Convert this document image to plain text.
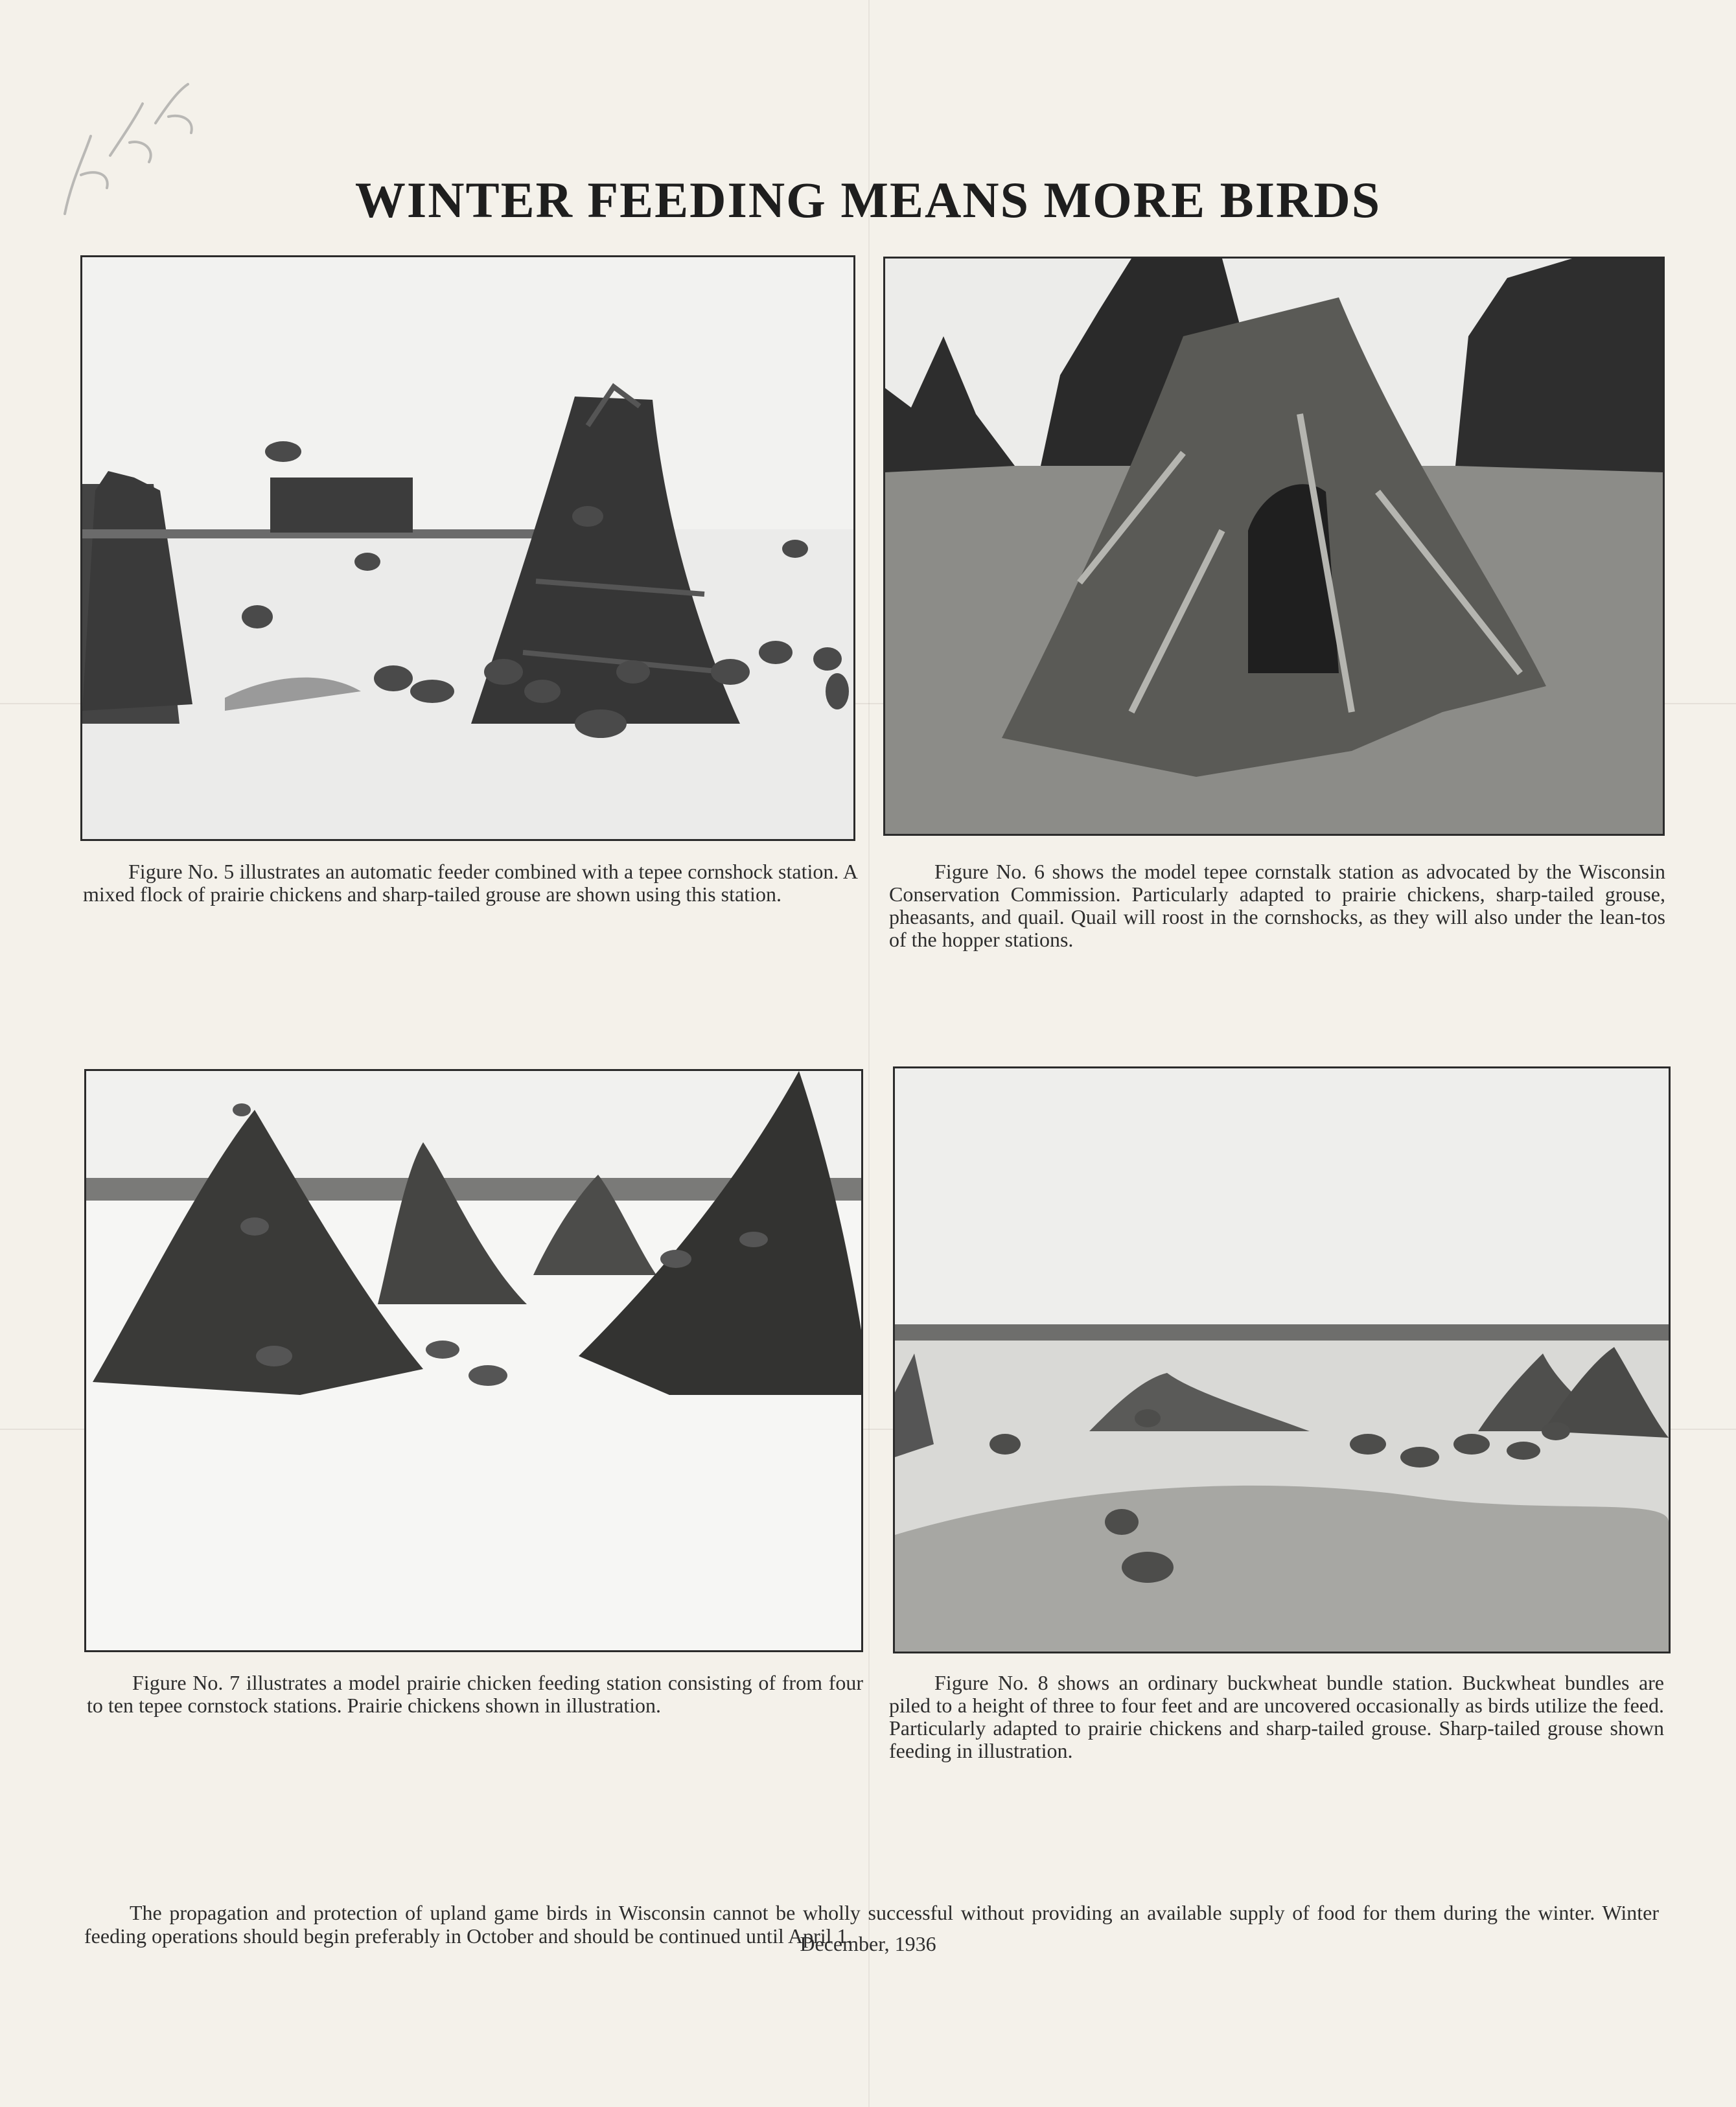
WINTER FEEDING MEANS MORE BIRDS
Figure No. 5 illustrates an automatic feeder combined with a tepee cornshock station. A mixed flock of prairie chickens and sharp-tailed grouse are shown using this station.
Figure No. 6 shows the model tepee cornstalk station as advocated by the Wisconsin Conservation Commission. Particularly adapted to prairie chickens, sharp-tailed grouse, pheasants, and quail. Quail will roost in the cornshocks, as they will also under the lean-tos of the hopper stations.
Figure No. 7 illustrates a model prairie chicken feeding station consisting of from four to ten tepee cornstock stations. Prairie chickens shown in illustration.
Figure No. 8 shows an ordinary buckwheat bundle station. Buckwheat bundles are piled to a height of three to four feet and are uncovered occasionally as birds utilize the feed. Particularly adapted to prairie chickens and sharp-tailed grouse. Sharp-tailed grouse shown feeding in illustration.

The propagation and protection of upland game birds in Wisconsin cannot be wholly successful without providing an available supply of food for them during the winter. Winter feeding operations should begin preferably in October and should be continued until April 1.

December, 1936
